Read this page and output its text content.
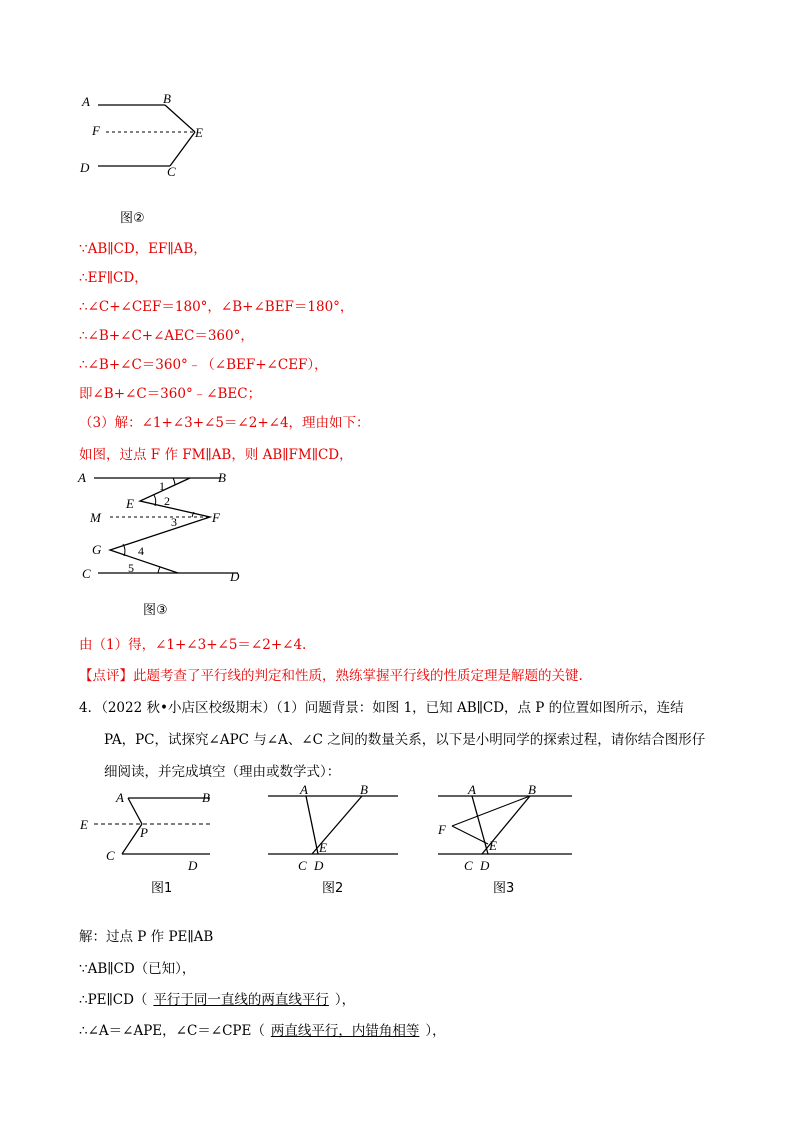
A	B
F	E
D	C
图②
∵AB∥CD，EF∥AB，
∴EF∥CD，
∴∠C+∠CEF＝180°，∠B+∠BEF＝180°，
∴∠B+∠C+∠AEC＝360°，
∴∠B+∠C＝360°﹣（∠BEF+∠CEF），
即∠B+∠C＝360°﹣∠BEC；
（3）解：∠1+∠3+∠5＝∠2+∠4，理由如下：
如图，过点 F 作 FM∥AB，则 AB∥FM∥CD，
A	B
E
M	F
G
C	D
1
2
3
4
5
图③
由（1）得，∠1+∠3+∠5＝∠2+∠4.
【点评】此题考查了平行线的判定和性质，熟练掌握平行线的性质定理是解题的关键.
4．（2022 秋•小店区校级期末）（1）问题背景：如图 1，已知 AB∥CD，点 P 的位置如图所示，连结
PA，PC，试探究∠APC 与∠A、∠C 之间的数量关系，以下是小明同学的探索过程，请你结合图形仔
细阅读，并完成填空（理由或数学式）：
A	B
E
P
C
D
图1
A	B
E
C D
图2
A	B
F
E
C D
图3
解：过点 P 作 PE∥AB
∵AB∥CD（已知），
∴PE∥CD（ 平行于同一直线的两直线平行 ），
∴∠A＝∠APE，∠C＝∠CPE（ 两直线平行，内错角相等 ），
